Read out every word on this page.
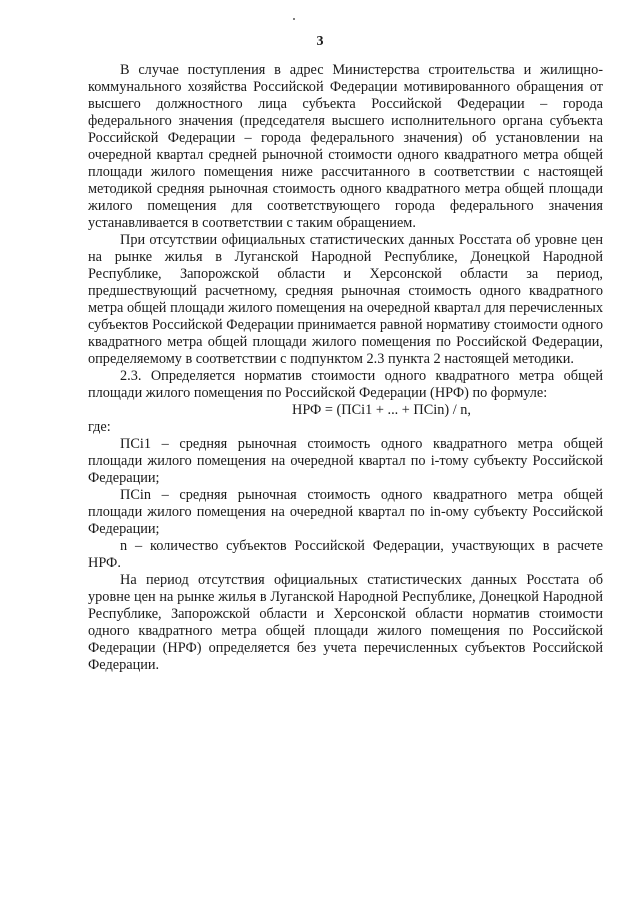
3

В случае поступления в адрес Министерства строительства и жилищно-коммунального хозяйства Российской Федерации мотивированного обращения от высшего должностного лица субъекта Российской Федерации – города федерального значения (председателя высшего исполнительного органа субъекта Российской Федерации – города федерального значения) об установлении на очередной квартал средней рыночной стоимости одного квадратного метра общей площади жилого помещения ниже рассчитанного в соответствии с настоящей методикой средняя рыночная стоимость одного квадратного метра общей площади жилого помещения для соответствующего города федерального значения устанавливается в соответствии с таким обращением.

При отсутствии официальных статистических данных Росстата об уровне цен на рынке жилья в Луганской Народной Республике, Донецкой Народной Республике, Запорожской области и Херсонской области за период, предшествующий расчетному, средняя рыночная стоимость одного квадратного метра общей площади жилого помещения на очередной квартал для перечисленных субъектов Российской Федерации принимается равной нормативу стоимости одного квадратного метра общей площади жилого помещения по Российской Федерации, определяемому в соответствии с подпунктом 2.3 пункта 2 настоящей методики.

2.3. Определяется норматив стоимости одного квадратного метра общей площади жилого помещения по Российской Федерации (НРФ) по формуле:

НРФ = (ПСi1 + ... + ПСin) / n,

где:

ПСi1 – средняя рыночная стоимость одного квадратного метра общей площади жилого помещения на очередной квартал по i-тому субъекту Российской Федерации;

ПСin – средняя рыночная стоимость одного квадратного метра общей площади жилого помещения на очередной квартал по in-ому субъекту Российской Федерации;

n – количество субъектов Российской Федерации, участвующих в расчете НРФ.

На период отсутствия официальных статистических данных Росстата об уровне цен на рынке жилья в Луганской Народной Республике, Донецкой Народной Республике, Запорожской области и Херсонской области норматив стоимости одного квадратного метра общей площади жилого помещения по Российской Федерации (НРФ) определяется без учета перечисленных субъектов Российской Федерации.
